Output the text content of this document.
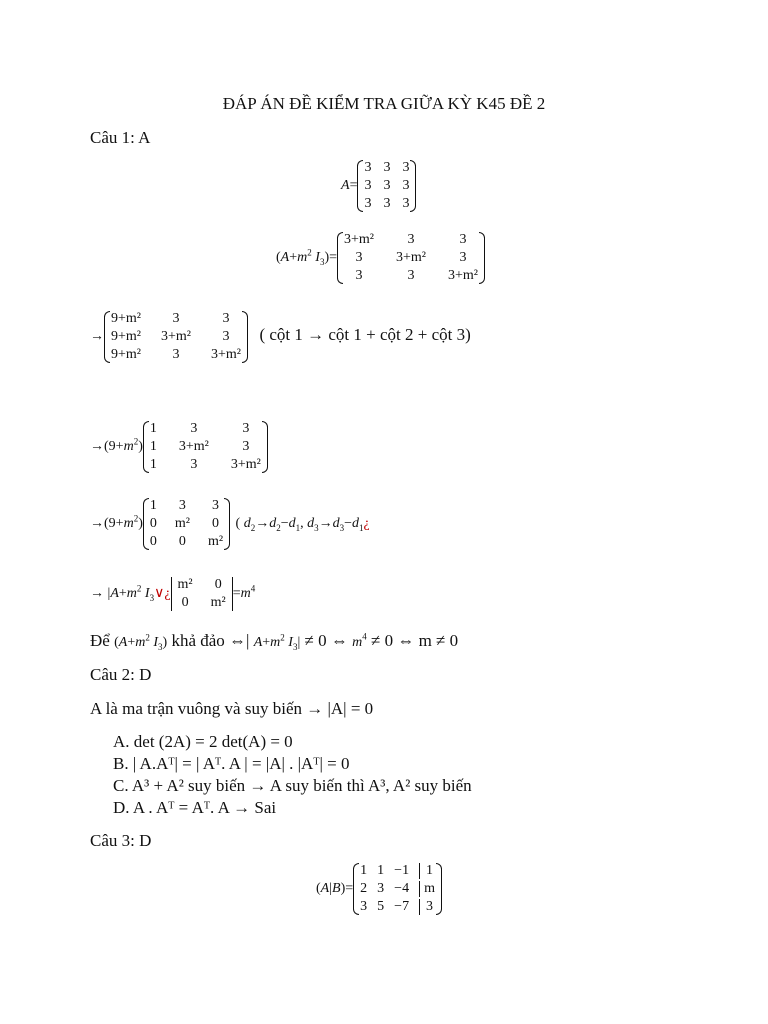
ĐÁP ÁN ĐỀ KIỂM TRA GIỮA KỲ K45 ĐỀ 2
Câu 1: A
A=
3 3 3
3 3 3
3 3 3
($A+m^2$ $I_3)=$
3+m²	3	3
3	3+m²	3
3	3	3+m²
→
9+m²	3	3
9+m² 3+m²	3
9+m²	3	3+m²
( cột 1 → cột 1 + cột 2 + cột 3)
$\to(9+m^2)$
1	3	3
1 3+m²	3
1	3	3+m²
$\to(9+m^2)$
1 3 3
0 m² 0
0 0 m²
( $d_2\to d_2-d_1$, $d_3\to d_3-d_1¿$
→ $|A+m^2$ $I_3\vee¿$
m² 0
0 m²
$=m^4$
Để ($A+m^2$ $I_3$) khả đảo ⇔| $A+m^2$ $I_3| \ne 0$ ⇔ $m^4 \ne 0$ ⇔ m ≠ 0
Câu 2: D
A là ma trận vuông và suy biến → |A| = 0
A. det (2A) = 2 det(A) = 0
B. | A.Aᵀ| = | Aᵀ. A | = |A| . |Aᵀ| = 0
C. A³ + A² suy biến → A suy biến thì A³, A² suy biến
D. A . Aᵀ = Aᵀ. A → Sai
Câu 3: D
(A|B)=
1 1 −1	1
2 3 −4	m
3 5 −7	3
